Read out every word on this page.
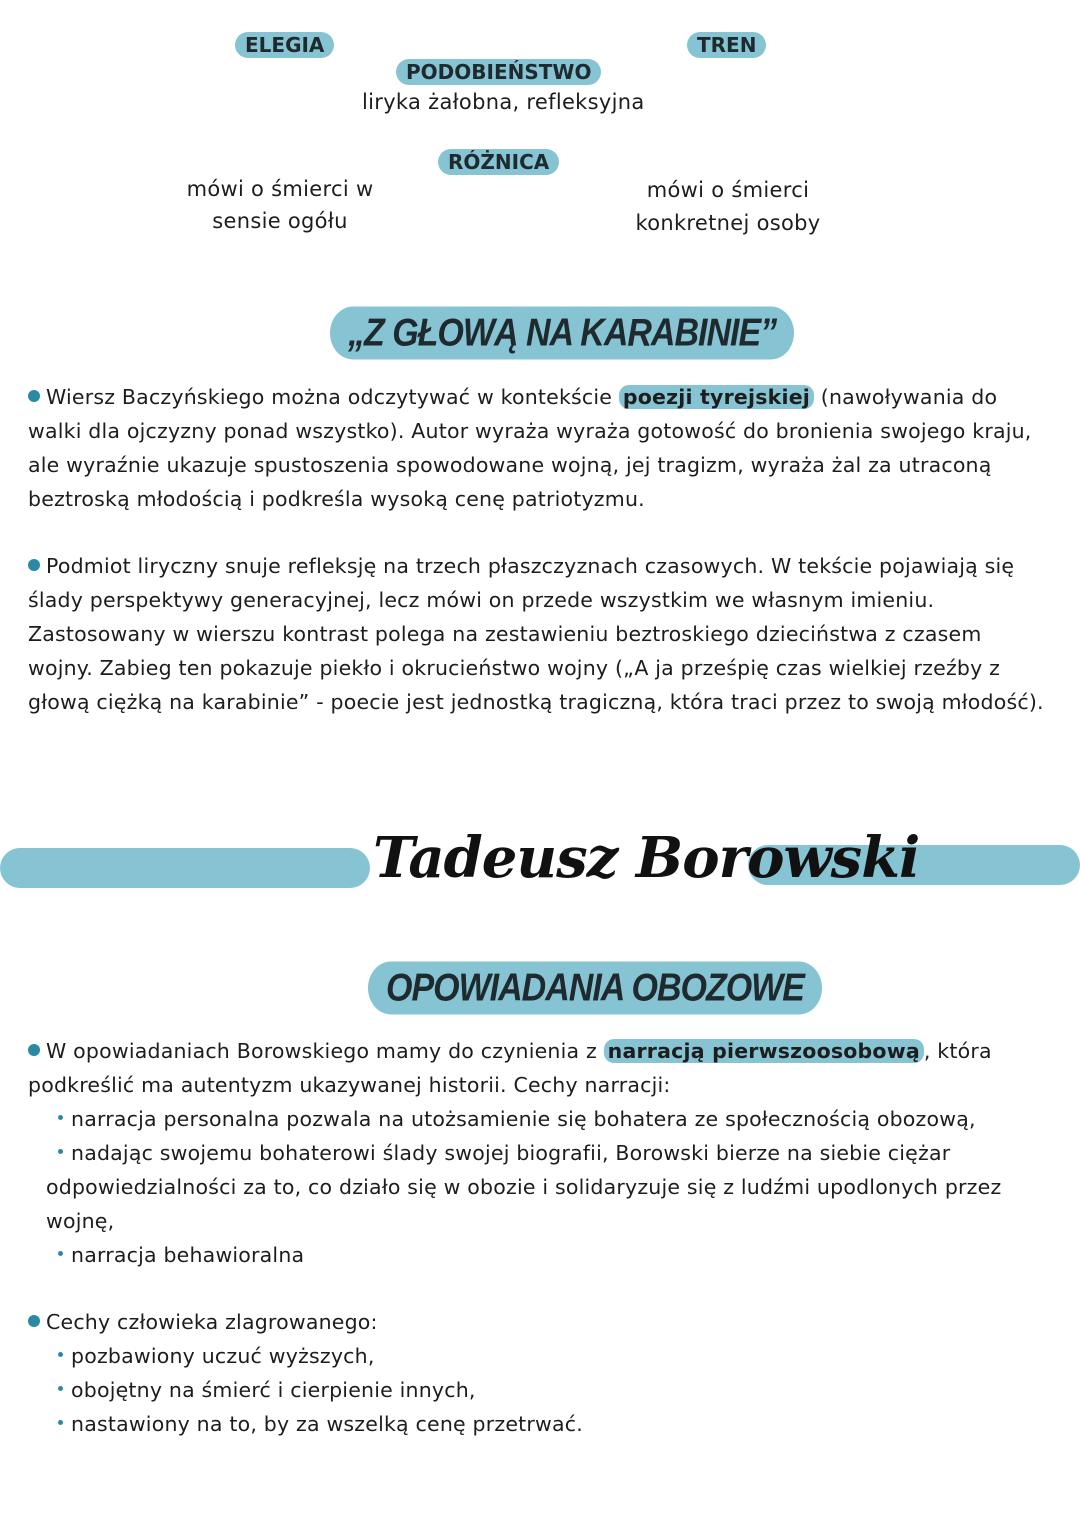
ELEGIA	TREN
PODOBIEŃSTWO
liryka żałobna, refleksyjna
RÓŻNICA
mówi o śmierci w
sensie ogółu
mówi o śmierci
konkretnej osoby
„Z GŁOWĄ NA KARABINIE”

Wiersz Baczyńskiego można odczytywać w kontekście poezji tyrejskiej (nawoływania do walki dla ojczyzny ponad wszystko). Autor wyraża wyraża gotowość do bronienia swojego kraju, ale wyraźnie ukazuje spustoszenia spowodowane wojną, jej tragizm, wyraża żal za utraconą beztroską młodością i podkreśla wysoką cenę patriotyzmu.

Podmiot liryczny snuje refleksję na trzech płaszczyznach czasowych. W tekście pojawiają się ślady perspektywy generacyjnej, lecz mówi on przede wszystkim we własnym imieniu. Zastosowany w wierszu kontrast polega na zestawieniu beztroskiego dzieciństwa z czasem wojny. Zabieg ten pokazuje piekło i okrucieństwo wojny („A ja prześpię czas wielkiej rzeźby z głową ciężką na karabinie” - poecie jest jednostką tragiczną, która traci przez to swoją młodość).

Tadeusz Borowski
OPOWIADANIA OBOZOWE

W opowiadaniach Borowskiego mamy do czynienia z narracją pierwszoosobową , która podkreślić ma autentyzm ukazywanej historii. Cechy narracji:

narracja personalna pozwala na utożsamienie się bohatera ze społecznością obozową,

nadając swojemu bohaterowi ślady swojej biografii, Borowski bierze na siebie ciężar

odpowiedzialności za to, co działo się w obozie i solidaryzuje się z ludźmi upodlonych przez wojnę,

narracja behawioralna

Cechy człowieka zlagrowanego:

pozbawiony uczuć wyższych,

obojętny na śmierć i cierpienie innych,

nastawiony na to, by za wszelką cenę przetrwać.
